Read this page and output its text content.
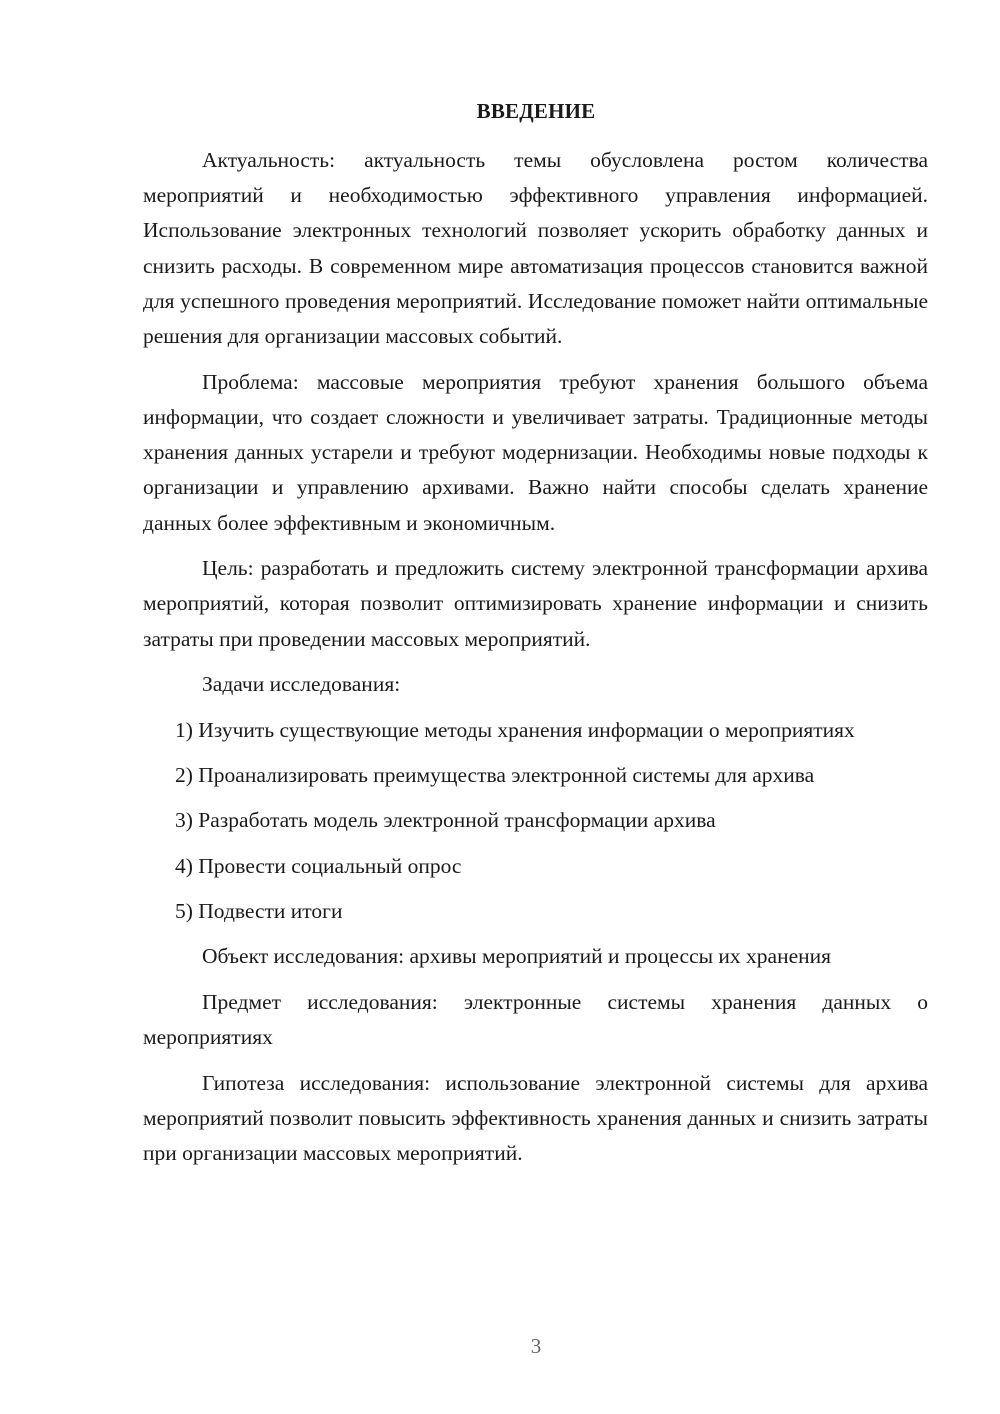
ВВЕДЕНИЕ

Актуальность: актуальность темы обусловлена ростом количества мероприятий и необходимостью эффективного управления информацией. Использование электронных технологий позволяет ускорить обработку данных и снизить расходы. В современном мире автоматизация процессов становится важной для успешного проведения мероприятий. Исследование поможет найти оптимальные решения для организации массовых событий.

Проблема: массовые мероприятия требуют хранения большого объема информации, что создает сложности и увеличивает затраты. Традиционные методы хранения данных устарели и требуют модернизации. Необходимы новые подходы к организации и управлению архивами. Важно найти способы сделать хранение данных более эффективным и экономичным.

Цель: разработать и предложить систему электронной трансформации архива мероприятий, которая позволит оптимизировать хранение информации и снизить затраты при проведении массовых мероприятий.

Задачи исследования:

1) Изучить существующие методы хранения информации о мероприятиях

2) Проанализировать преимущества электронной системы для архива

3) Разработать модель электронной трансформации архива

4) Провести социальный опрос

5) Подвести итоги

Объект исследования: архивы мероприятий и процессы их хранения

Предмет исследования: электронные системы хранения данных о мероприятиях

Гипотеза исследования: использование электронной системы для архива мероприятий позволит повысить эффективность хранения данных и снизить затраты при организации массовых мероприятий.

3
